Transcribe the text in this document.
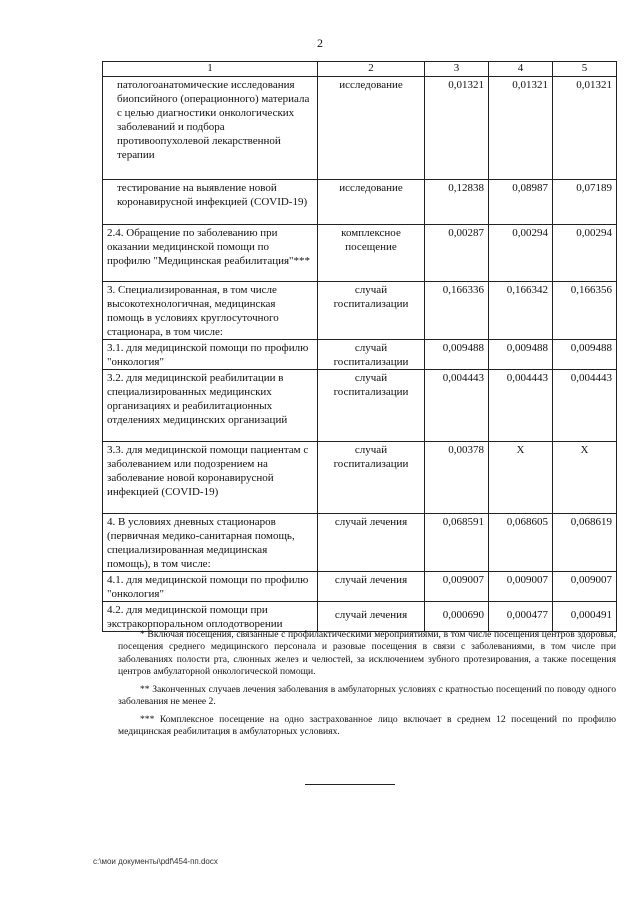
2
1	2	3	4	5
патологоанатомические исследования биопсийного (операционного) материала с целью диагностики онкологических заболеваний и подбора противоопухолевой лекарственной терапии	исследование	0,01321	0,01321	0,01321
тестирование на выявление новой коронавирусной инфекцией (COVID-19)	исследование	0,12838	0,08987	0,07189
2.4. Обращение по заболеванию при оказании медицинской помощи по профилю "Медицинская реабилитация"***	комплексное посещение	0,00287	0,00294	0,00294
3. Специализированная, в том числе высокотехнологичная, медицинская помощь в условиях круглосуточного стационара, в том числе:	случай госпитализации	0,166336	0,166342	0,166356
3.1. для медицинской помощи по профилю "онкология"	случай госпитализации	0,009488	0,009488	0,009488
3.2. для медицинской реабилитации в специализированных медицинских организациях и реабилитационных отделениях медицинских организаций	случай госпитализации	0,004443	0,004443	0,004443
3.3. для медицинской помощи пациентам с заболеванием или подозрением на заболевание новой коронавирусной инфекцией (COVID-19)	случай госпитализации	0,00378	Х	Х
4. В условиях дневных стационаров (первичная медико-санитарная помощь, специализированная медицинская помощь), в том числе:	случай лечения	0,068591	0,068605	0,068619
4.1. для медицинской помощи по профилю "онкология"	случай лечения	0,009007	0,009007	0,009007
4.2. для медицинской помощи при экстракорпоральном оплодотворении	случай лечения	0,000690	0,000477	0,000491

* Включая посещения, связанные с профилактическими мероприятиями, в том числе посещения центров здоровья, посещения среднего медицинского персонала и разовые посещения в связи с заболеваниями, в том числе при заболеваниях полости рта, слюнных желез и челюстей, за исключением зубного протезирования, а также посещения центров амбулаторной онкологической помощи.

** Законченных случаев лечения заболевания в амбулаторных условиях с кратностью посещений по поводу одного заболевания не менее 2.

*** Комплексное посещение на одно застрахованное лицо включает в среднем 12 посещений по профилю медицинская реабилитация в амбулаторных условиях.

c:\мои документы\pdf\454-пп.docx
